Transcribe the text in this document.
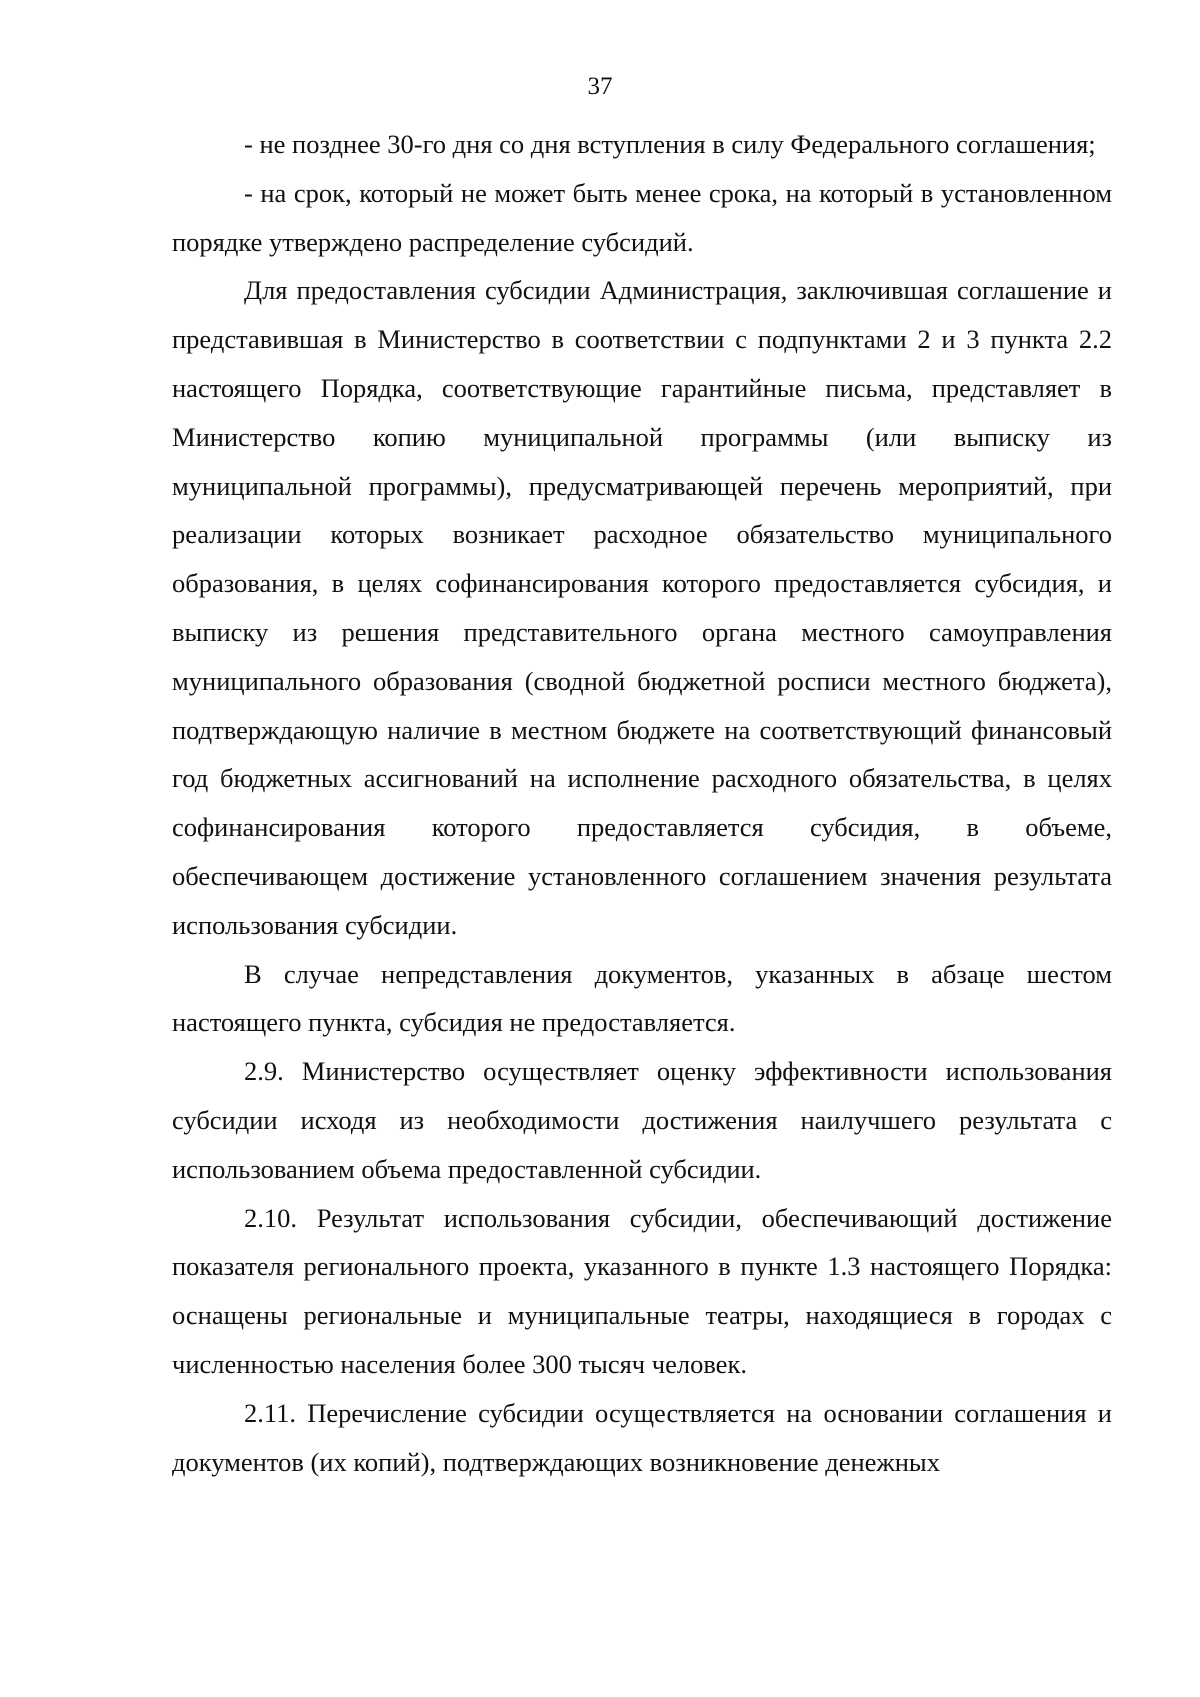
37

- не позднее 30-го дня со дня вступления в силу Федерального соглашения;

- на срок, который не может быть менее срока, на который в установленном порядке утверждено распределение субсидий.

Для предоставления субсидии Администрация, заключившая соглашение и представившая в Министерство в соответствии с подпунктами 2 и 3 пункта 2.2 настоящего Порядка, соответствующие гарантийные письма, представляет в Министерство копию муниципальной программы (или выписку из муниципальной программы), предусматривающей перечень мероприятий, при реализации которых возникает расходное обязательство муниципального образования, в целях софинансирования которого предоставляется субсидия, и выписку из решения представительного органа местного самоуправления муниципального образования (сводной бюджетной росписи местного бюджета), подтверждающую наличие в местном бюджете на соответствующий финансовый год бюджетных ассигнований на исполнение расходного обязательства, в целях софинансирования которого предоставляется субсидия, в объеме, обеспечивающем достижение установленного соглашением значения результата использования субсидии.

В случае непредставления документов, указанных в абзаце шестом настоящего пункта, субсидия не предоставляется.

2.9. Министерство осуществляет оценку эффективности использования субсидии исходя из необходимости достижения наилучшего результата с использованием объема предоставленной субсидии.

2.10. Результат использования субсидии, обеспечивающий достижение показателя регионального проекта, указанного в пункте 1.3 настоящего Порядка: оснащены региональные и муниципальные театры, находящиеся в городах с численностью населения более 300 тысяч человек.

2.11. Перечисление субсидии осуществляется на основании соглашения и документов (их копий), подтверждающих возникновение денежных
